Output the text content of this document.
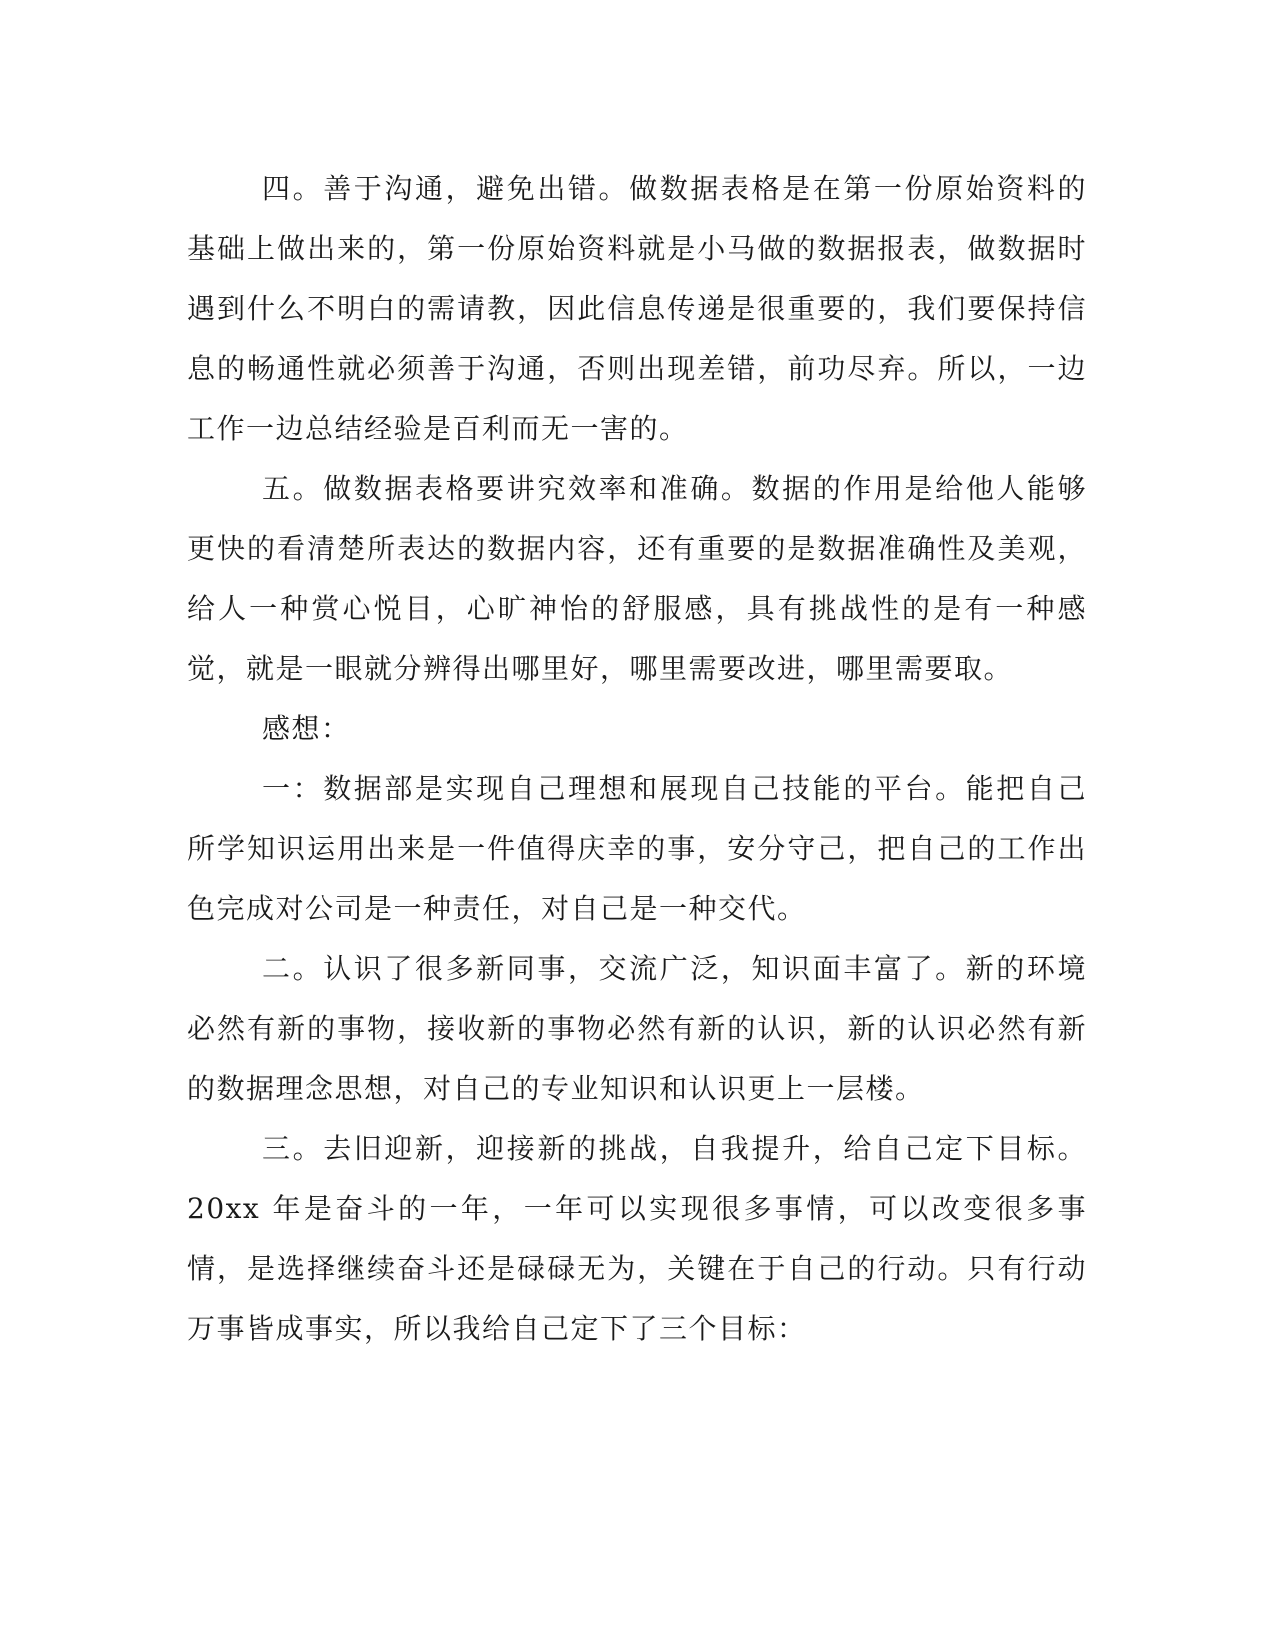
四。善于沟通，避免出错。做数据表格是在第一份原始资料的基础上做出来的，第一份原始资料就是小马做的数据报表，做数据时遇到什么不明白的需请教，因此信息传递是很重要的，我们要保持信息的畅通性就必须善于沟通，否则出现差错，前功尽弃。所以，一边工作一边总结经验是百利而无一害的。

五。做数据表格要讲究效率和准确。数据的作用是给他人能够更快的看清楚所表达的数据内容，还有重要的是数据准确性及美观，给人一种赏心悦目，心旷神怡的舒服感，具有挑战性的是有一种感觉，就是一眼就分辨得出哪里好，哪里需要改进，哪里需要取。

感想：

一：数据部是实现自己理想和展现自己技能的平台。能把自己所学知识运用出来是一件值得庆幸的事，安分守己，把自己的工作出色完成对公司是一种责任，对自己是一种交代。

二。认识了很多新同事，交流广泛，知识面丰富了。新的环境必然有新的事物，接收新的事物必然有新的认识，新的认识必然有新的数据理念思想，对自己的专业知识和认识更上一层楼。

三。去旧迎新，迎接新的挑战，自我提升，给自己定下目标。20xx 年是奋斗的一年，一年可以实现很多事情，可以改变很多事情，是选择继续奋斗还是碌碌无为，关键在于自己的行动。只有行动万事皆成事实，所以我给自己定下了三个目标：
